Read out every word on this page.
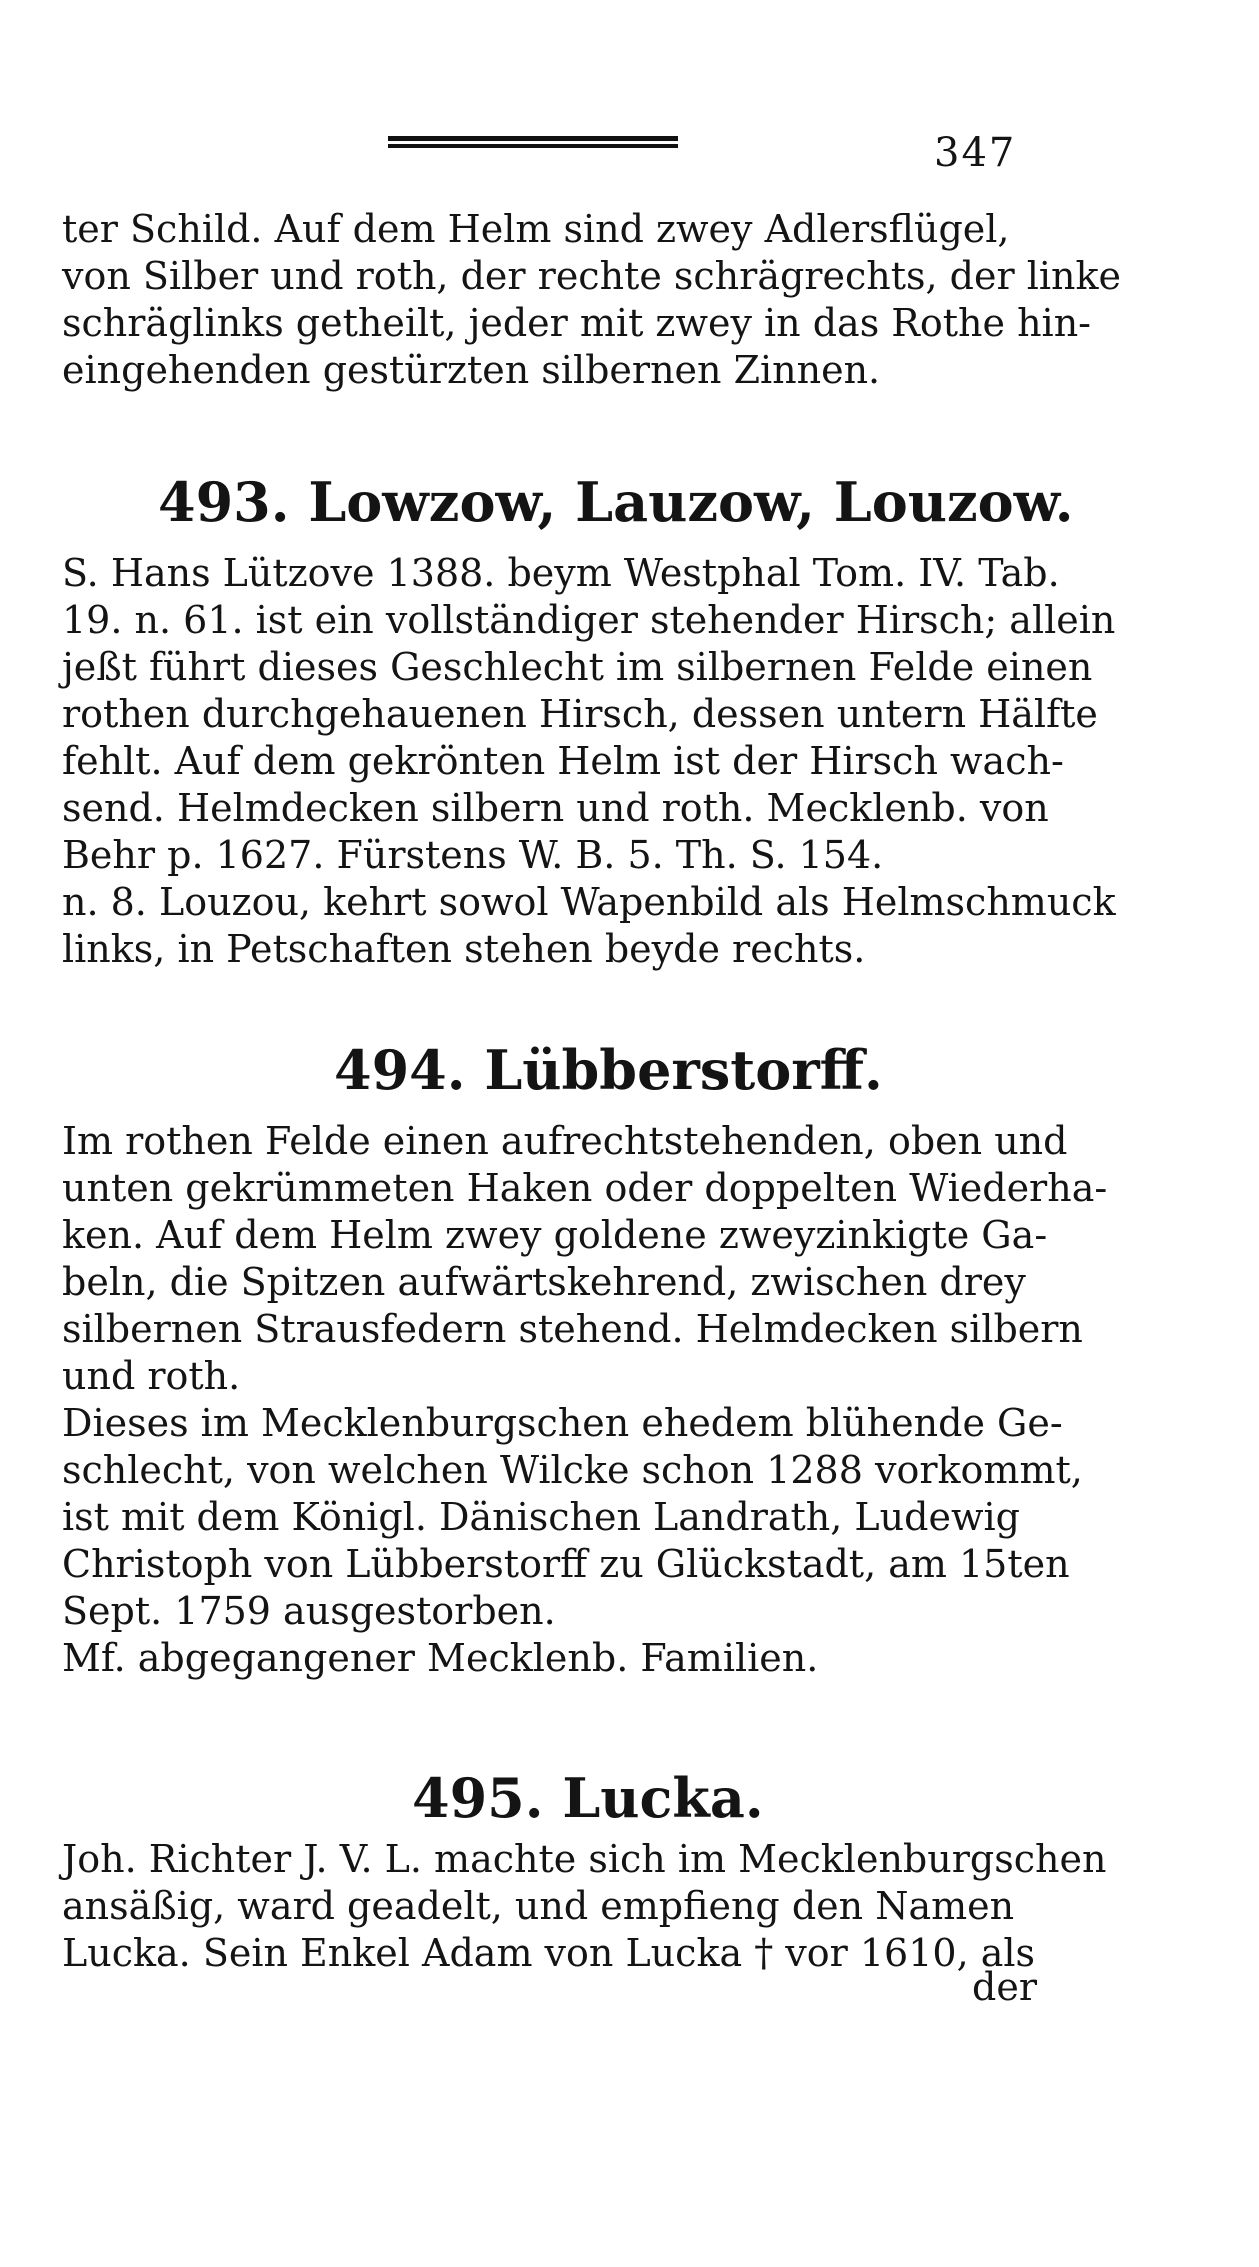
347
ter Schild. Auf dem Helm sind zwey Adlersflügel,
von Silber und roth, der rechte schrägrechts, der linke
schräglinks getheilt, jeder mit zwey in das Rothe hin-
eingehenden gestürzten silbernen Zinnen.
493. Lowzow, Lauzow, Louzow.
S. Hans Lützove 1388. beym Westphal Tom. IV. Tab.
19. n. 61. ist ein vollständiger stehender Hirsch; allein
jeßt führt dieses Geschlecht im silbernen Felde einen
rothen durchgehauenen Hirsch, dessen untern Hälfte
fehlt. Auf dem gekrönten Helm ist der Hirsch wach-
send. Helmdecken silbern und roth. Mecklenb. von
Behr p. 1627. Fürstens W. B. 5. Th. S. 154.
n. 8. Louzou, kehrt sowol Wapenbild als Helmschmuck
links, in Petschaften stehen beyde rechts.
494. Lübberstorff.
Im rothen Felde einen aufrechtstehenden, oben und
unten gekrümmeten Haken oder doppelten Wiederha-
ken. Auf dem Helm zwey goldene zweyzinkigte Ga-
beln, die Spitzen aufwärtskehrend, zwischen drey
silbernen Strausfedern stehend. Helmdecken silbern
und roth.
Dieses im Mecklenburgschen ehedem blühende Ge-
schlecht, von welchen Wilcke schon 1288 vorkommt,
ist mit dem Königl. Dänischen Landrath, Ludewig
Christoph von Lübberstorff zu Glückstadt, am 15ten
Sept. 1759 ausgestorben.
Mf. abgegangener Mecklenb. Familien.
495. Lucka.
Joh. Richter J. V. L. machte sich im Mecklenburgschen
ansäßig, ward geadelt, und empfieng den Namen
Lucka. Sein Enkel Adam von Lucka † vor 1610, als
der
